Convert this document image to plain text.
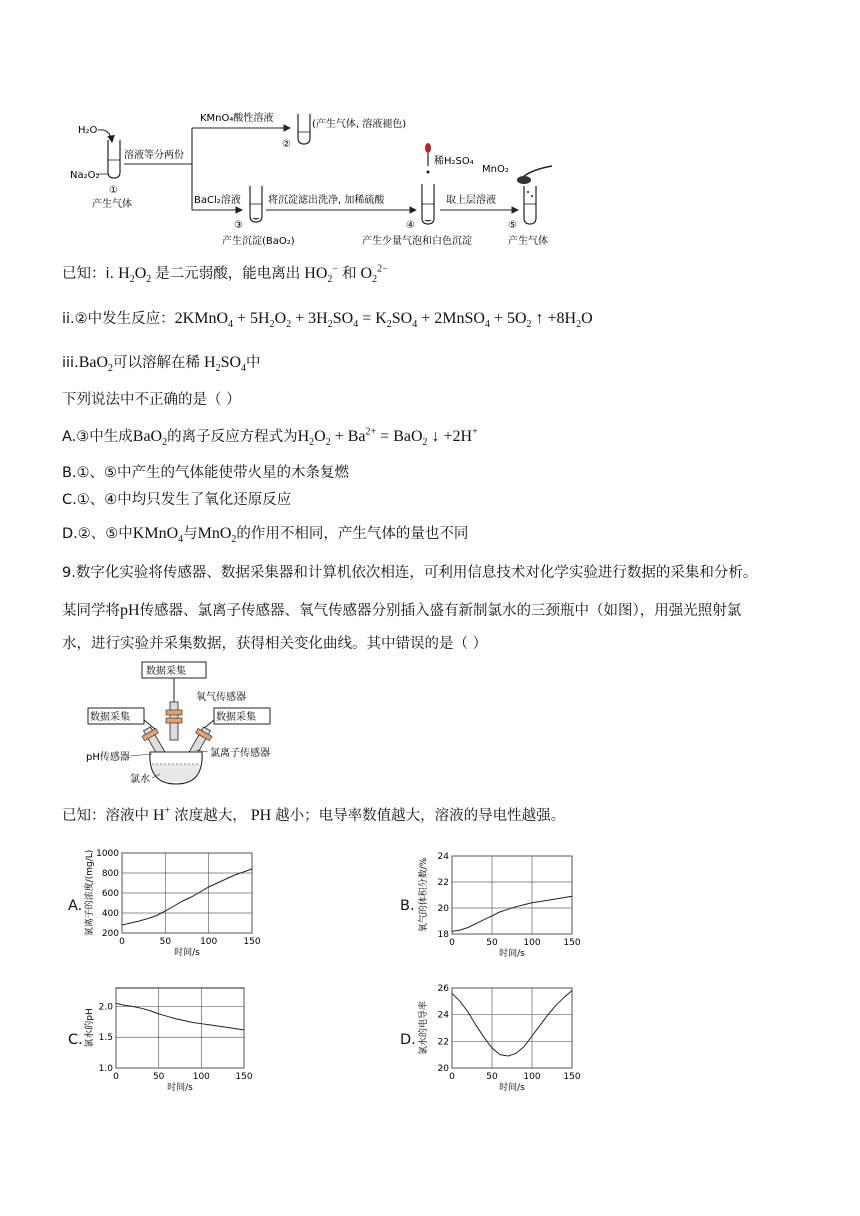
H₂O
Na₂O₂
①
产生气体
溶液等分两份
KMnO₄酸性溶液
BaCl₂溶液
②
(产生气体, 溶液褪色)
③
产生沉淀(BaO₂)
将沉淀滤出洗净, 加稀硫酸
稀H₂SO₄
④
产生少量气泡和白色沉淀
取上层溶液
MnO₂
⑤
产生气体
已知：i. $H_2O_2$ 是二元弱酸，能电离出 $HO_2^-$ 和 $O_2^{2-}$
ii.②中发生反应：2KMnO$_4$ + $5H_2O_2 + 3H_2SO_4 = K_2SO_4$ + 2MnSO$_4$ + $5O_2$ ↑ $+8H_2O$
iii.BaO$_2$可以溶解在稀 $H_2SO_4$中
下列说法中不正确的是（ ）
A.③中生成BaO$_2$的离子反应方程式为$H_2O_2 + Ba^{2+} = BaO_2$ ↓ +2H+
B.①、⑤中产生的气体能使带火星的木条复燃
C.①、④中均只发生了氧化还原反应
D.②、⑤中KMnO$_4$与MnO$_2$的作用不相同，产生气体的量也不同
9.数字化实验将传感器、数据采集器和计算机依次相连，可利用信息技术对化学实验进行数据的采集和分析。
某同学将pH传感器、氯离子传感器、氧气传感器分别插入盛有新制氯水的三颈瓶中（如图），用强光照射氯
水，进行实验并采集数据，获得相关变化曲线。其中错误的是（ ）
数据采集
数据采集	数据采集
氧气传感器
pH传感器	氯离子传感器
氯水
已知：溶液中 H+ 浓度越大， PH 越小；电导率数值越大，溶液的导电性越强。
A.	B.
C.	D.
0	50	100	150
200
400
600
800
1000
时间/s
氯离子的浓度/(mg/L)
0	50	100	150
18
20
22
24
时间/s
氧气的体积分数/%
0	50	100	150
1.0
1.5
2.0
时间/s
氯水的pH
0	50	100	150
20
22
24
26
时间/s
氯水的电导率
